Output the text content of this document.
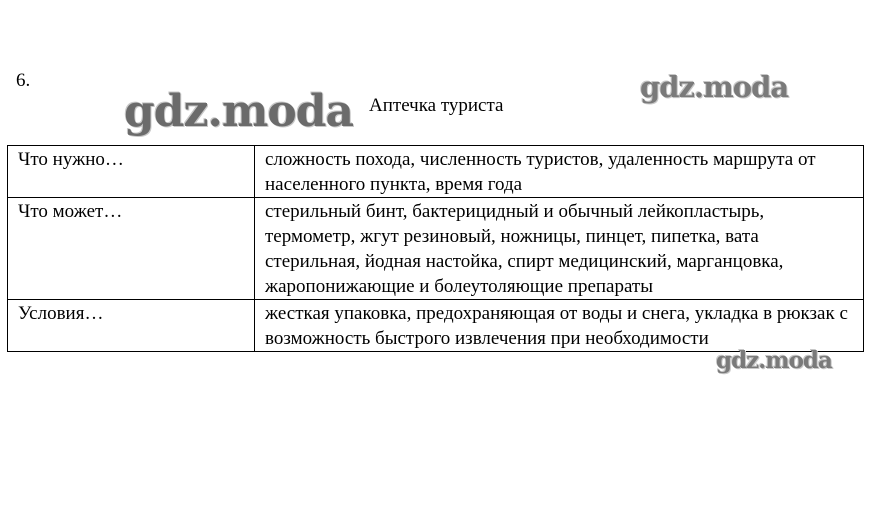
6.
Аптечка туриста
Что нужно…	сложность похода, численность туристов, удаленность маршрута от населенного пункта, время года
Что может…	стерильный бинт, бактерицидный и обычный лейкопластырь, термометр, жгут резиновый, ножницы, пинцет, пипетка, вата стерильная, йодная настойка, спирт медицинский, марганцовка, жаропонижающие и болеутоляющие препараты
Условия…	жесткая упаковка, предохраняющая от воды и снега, укладка в рюкзак с возможность быстрого извлечения при необходимости
gdz.moda	gdz.moda
gdz.moda
